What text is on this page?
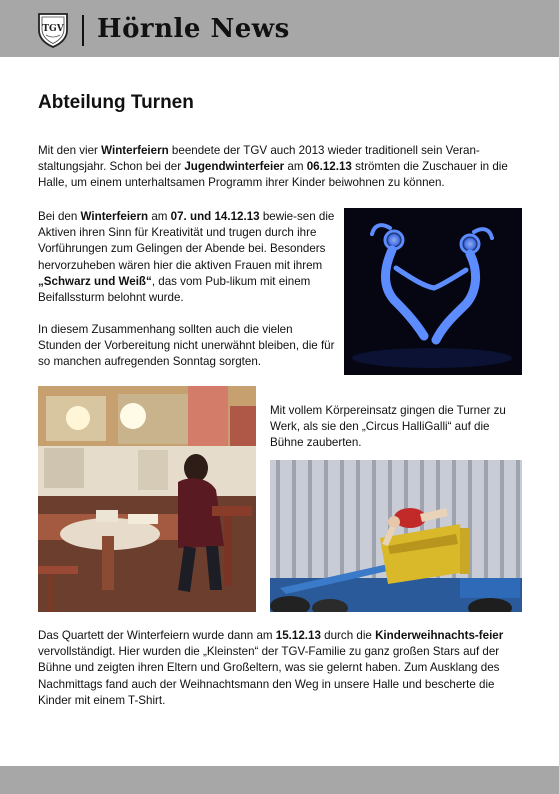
TGV Hörnle News
Abteilung Turnen
Mit den vier Winterfeiern beendete der TGV auch 2013 wieder traditionell sein Veran-staltungsjahr. Schon bei der Jugendwinterfeier am 06.12.13 strömten die Zuschauer in die Halle, um einem unterhaltsamen Programm ihrer Kinder beiwohnen zu können.
Bei den Winterfeiern am 07. und 14.12.13 bewie-sen die Aktiven ihren Sinn für Kreativität und trugen durch ihre Vorführungen zum Gelingen der Abende bei. Besonders hervorzuheben wären hier die aktiven Frauen mit ihrem „Schwarz und Weiß“, das vom Pub-likum mit einem Beifallssturm belohnt wurde.
In diesem Zusammenhang sollten auch die vielen Stunden der Vorbereitung nicht unerwähnt bleiben, die für so manchen aufregenden Sonntag sorgten.
Mit vollem Körpereinsatz gingen die Turner zu Werk, als sie den „Circus HalliGalli“ auf die Bühne zauberten.
Das Quartett der Winterfeiern wurde dann am 15.12.13 durch die Kinderweihnachts-feier vervollständigt. Hier wurden die „Kleinsten“ der TGV-Familie zu ganz großen Stars auf der Bühne und zeigten ihren Eltern und Großeltern, was sie gelernt haben. Zum Ausklang des Nachmittags fand auch der Weihnachtsmann den Weg in unsere Halle und bescherte die Kinder mit einem T-Shirt.
